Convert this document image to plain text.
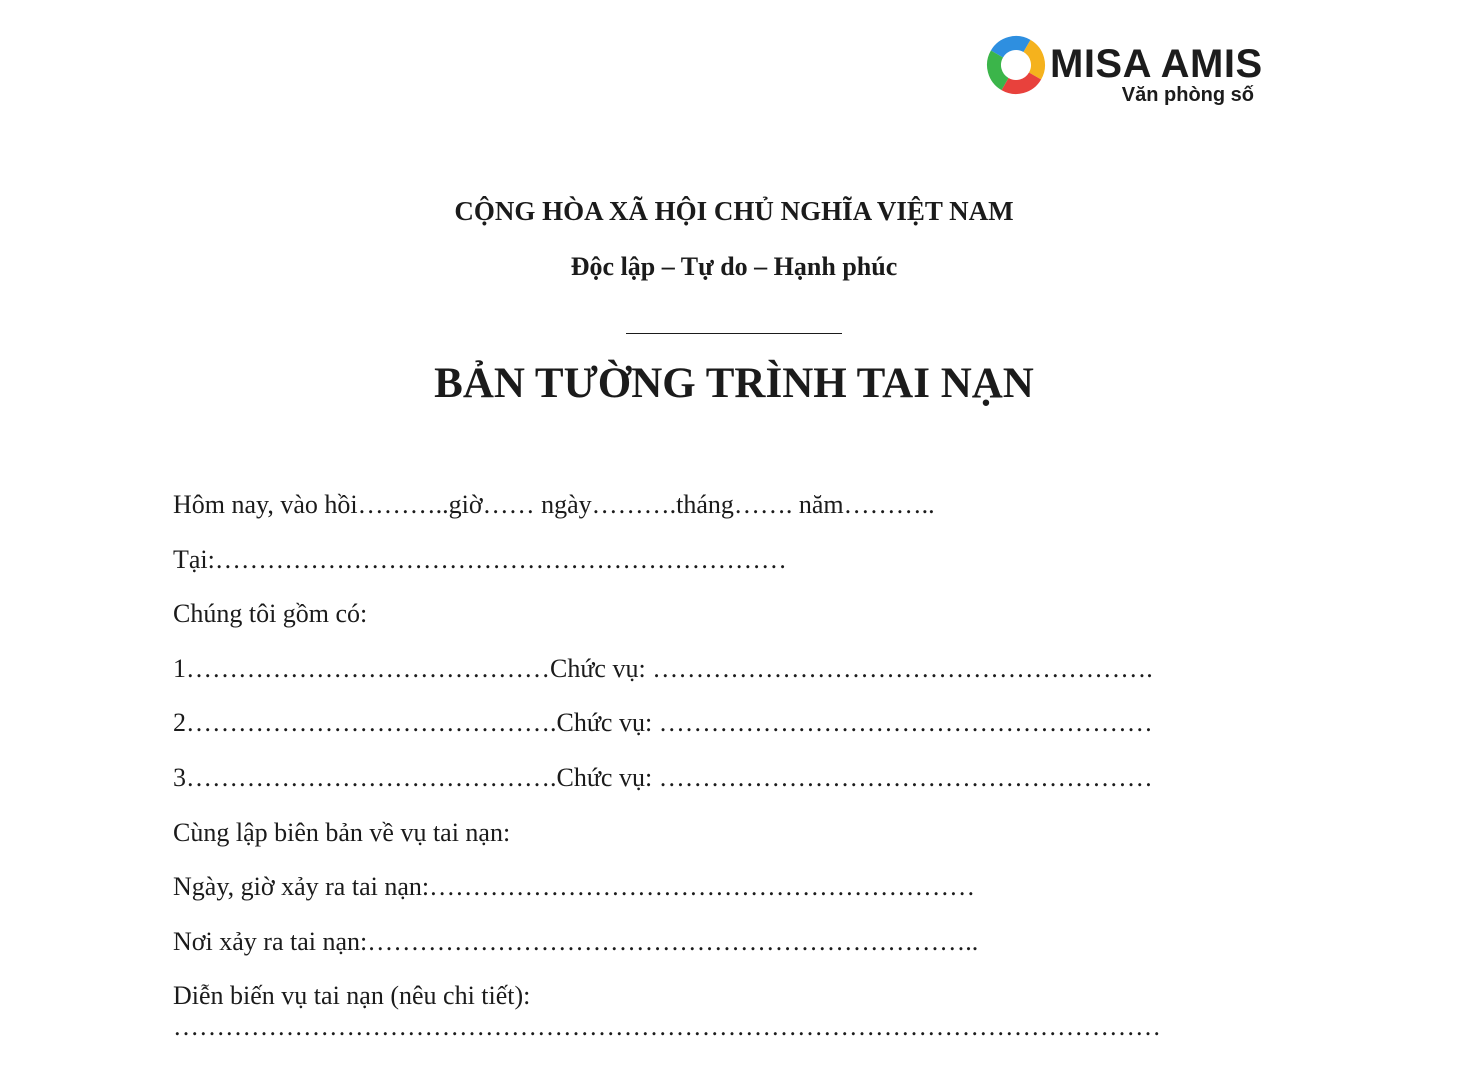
MISA AMIS
Văn phòng số
CỘNG HÒA XÃ HỘI CHỦ NGHĨA VIỆT NAM
Độc lập – Tự do – Hạnh phúc
BẢN TƯỜNG TRÌNH TAI NẠN
Hôm nay, vào hồi………..giờ…… ngày……….tháng……. năm………..
Tại:…………………………………………………………
Chúng tôi gồm có:
1……………………………………Chức vụ: ………………………………………………….
2…………………………………….Chức vụ: …………………………………………………
3…………………………………….Chức vụ: …………………………………………………
Cùng lập biên bản về vụ tai nạn:
Ngày, giờ xảy ra tai nạn:………………………………………………………
Nơi xảy ra tai nạn:……………………………………………………………..
Diễn biến vụ tai nạn (nêu chi tiết):
……………………………………………………………………………………………………
